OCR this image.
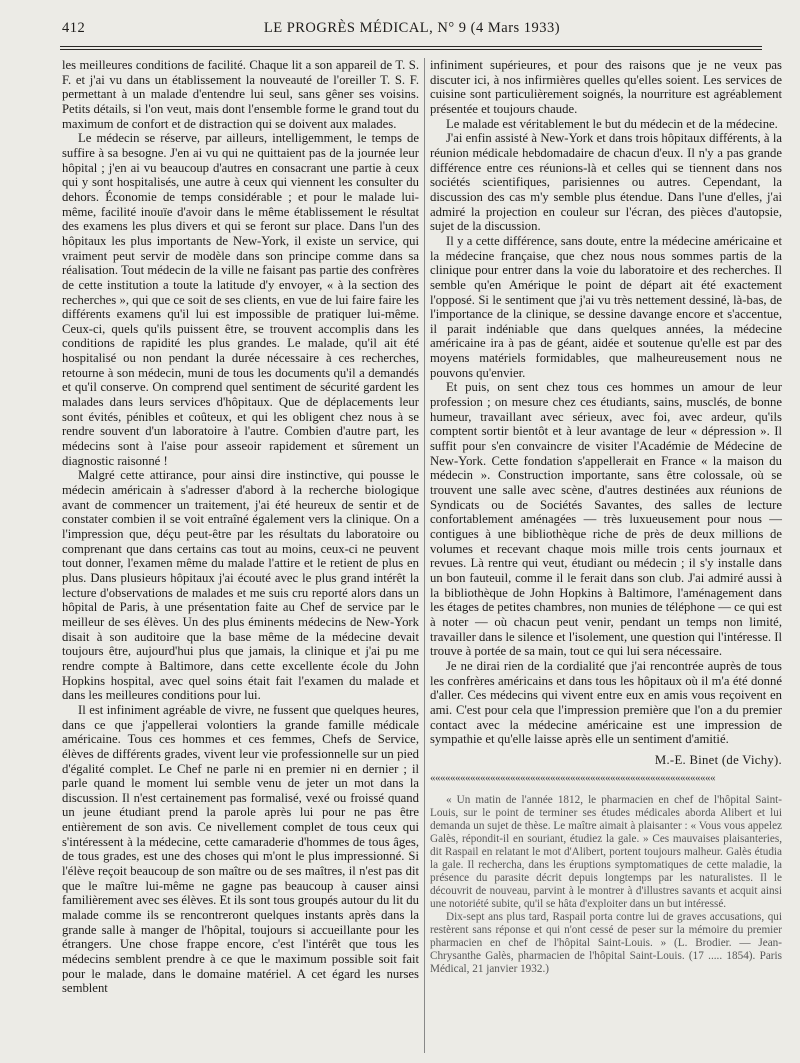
412	LE PROGRÈS MÉDICAL, N° 9 (4 Mars 1933)

les meilleures conditions de facilité. Chaque lit a son appareil de T. S. F. et j'ai vu dans un établissement la nouveauté de l'oreiller T. S. F. permettant à un malade d'entendre lui seul, sans gêner ses voisins. Petits détails, si l'on veut, mais dont l'ensemble forme le grand tout du maximum de confort et de distraction qui se doivent aux malades.

Le médecin se réserve, par ailleurs, intelligemment, le temps de suffire à sa besogne. J'en ai vu qui ne quittaient pas de la journée leur hôpital ; j'en ai vu beaucoup d'autres en consacrant une partie à ceux qui y sont hospitalisés, une autre à ceux qui viennent les consulter du dehors. Économie de temps considérable ; et pour le malade lui-même, facilité inouïe d'avoir dans le même établissement le résultat des examens les plus divers et qui se feront sur place. Dans l'un des hôpitaux les plus importants de New-York, il existe un service, qui vraiment peut servir de modèle dans son principe comme dans sa réalisation. Tout médecin de la ville ne faisant pas partie des confrères de cette institution a toute la latitude d'y envoyer, « à la section des recherches », qui que ce soit de ses clients, en vue de lui faire faire les différents examens qu'il lui est impossible de pratiquer lui-même. Ceux-ci, quels qu'ils puissent être, se trouvent accomplis dans les conditions de rapidité les plus grandes. Le malade, qu'il ait été hospitalisé ou non pendant la durée nécessaire à ces recherches, retourne à son médecin, muni de tous les documents qu'il a demandés et qu'il conserve. On comprend quel sentiment de sécurité gardent les malades dans leurs services d'hôpitaux. Que de déplacements leur sont évités, pénibles et coûteux, et qui les obligent chez nous à se rendre souvent d'un laboratoire à l'autre. Combien d'autre part, les médecins sont à l'aise pour asseoir rapidement et sûrement un diagnostic raisonné !

Malgré cette attirance, pour ainsi dire instinctive, qui pousse le médecin américain à s'adresser d'abord à la recherche biologique avant de commencer un traitement, j'ai été heureux de sentir et de constater combien il se voit entraîné également vers la clinique. On a l'impression que, déçu peut-être par les résultats du laboratoire ou comprenant que dans certains cas tout au moins, ceux-ci ne peuvent tout donner, l'examen même du malade l'attire et le retient de plus en plus. Dans plusieurs hôpitaux j'ai écouté avec le plus grand intérêt la lecture d'observations de malades et me suis cru reporté alors dans un hôpital de Paris, à une présentation faite au Chef de service par le meilleur de ses élèves. Un des plus éminents médecins de New-York disait à son auditoire que la base même de la médecine devait toujours être, aujourd'hui plus que jamais, la clinique et j'ai pu me rendre compte à Baltimore, dans cette excellente école du John Hopkins hospital, avec quel soins était fait l'examen du malade et dans les meilleures conditions pour lui.

Il est infiniment agréable de vivre, ne fussent que quelques heures, dans ce que j'appellerai volontiers la grande famille médicale américaine. Tous ces hommes et ces femmes, Chefs de Service, élèves de différents grades, vivent leur vie professionnelle sur un pied d'égalité complet. Le Chef ne parle ni en premier ni en dernier ; il parle quand le moment lui semble venu de jeter un mot dans la discussion. Il n'est certainement pas formalisé, vexé ou froissé quand un jeune étudiant prend la parole après lui pour ne pas être entièrement de son avis. Ce nivellement complet de tous ceux qui s'intéressent à la médecine, cette camaraderie d'hommes de tous âges, de tous grades, est une des choses qui m'ont le plus impressionné. Si l'élève reçoit beaucoup de son maître ou de ses maîtres, il n'est pas dit que le maître lui-même ne gagne pas beaucoup à causer ainsi familièrement avec ses élèves. Et ils sont tous groupés autour du lit du malade comme ils se rencontreront quelques instants après dans la grande salle à manger de l'hôpital, toujours si accueillante pour les étrangers. Une chose frappe encore, c'est l'intérêt que tous les médecins semblent prendre à ce que le maximum possible soit fait pour le malade, dans le domaine matériel. A cet égard les nurses semblent

infiniment supérieures, et pour des raisons que je ne veux pas discuter ici, à nos infirmières quelles qu'elles soient. Les services de cuisine sont particulièrement soignés, la nourriture est agréablement présentée et toujours chaude.

Le malade est véritablement le but du médecin et de la médecine.

J'ai enfin assisté à New-York et dans trois hôpitaux différents, à la réunion médicale hebdomadaire de chacun d'eux. Il n'y a pas grande différence entre ces réunions-là et celles qui se tiennent dans nos sociétés scientifiques, parisiennes ou autres. Cependant, la discussion des cas m'y semble plus étendue. Dans l'une d'elles, j'ai admiré la projection en couleur sur l'écran, des pièces d'autopsie, sujet de la discussion.

Il y a cette différence, sans doute, entre la médecine américaine et la médecine française, que chez nous nous sommes partis de la clinique pour entrer dans la voie du laboratoire et des recherches. Il semble qu'en Amérique le point de départ ait été exactement l'opposé. Si le sentiment que j'ai vu très nettement dessiné, là-bas, de l'importance de la clinique, se dessine davange encore et s'accentue, il parait indéniable que dans quelques années, la médecine américaine ira à pas de géant, aidée et soutenue qu'elle est par des moyens matériels formidables, que malheureusement nous ne pouvons qu'envier.

Et puis, on sent chez tous ces hommes un amour de leur profession ; on mesure chez ces étudiants, sains, musclés, de bonne humeur, travaillant avec sérieux, avec foi, avec ardeur, qu'ils comptent sortir bientôt et à leur avantage de leur « dépression ». Il suffit pour s'en convaincre de visiter l'Académie de Médecine de New-York. Cette fondation s'appellerait en France « la maison du médecin ». Construction importante, sans être colossale, où se trouvent une salle avec scène, d'autres destinées aux réunions de Syndicats ou de Sociétés Savantes, des salles de lecture confortablement aménagées — très luxueusement pour nous — contigues à une bibliothèque riche de près de deux millions de volumes et recevant chaque mois mille trois cents journaux et revues. Là rentre qui veut, étudiant ou médecin ; il s'y installe dans un bon fauteuil, comme il le ferait dans son club. J'ai admiré aussi à la bibliothèque de John Hopkins à Baltimore, l'aménagement dans les étages de petites chambres, non munies de téléphone — ce qui est à noter — où chacun peut venir, pendant un temps non limité, travailler dans le silence et l'isolement, une question qui l'intéresse. Il trouve à portée de sa main, tout ce qui lui sera nécessaire.

Je ne dirai rien de la cordialité que j'ai rencontrée auprès de tous les confrères américains et dans tous les hôpitaux où il m'a été donné d'aller. Ces médecins qui vivent entre eux en amis vous reçoivent en ami. C'est pour cela que l'impression première que l'on a du premier contact avec la médecine américaine est une impression de sympathie et qu'elle laisse après elle un sentiment d'amitié.

M.-E. Binet (de Vichy).
«««««««««««««««««««««««««««««««««««««««««««««««««««««««««

« Un matin de l'année 1812, le pharmacien en chef de l'hôpital Saint-Louis, sur le point de terminer ses études médicales aborda Alibert et lui demanda un sujet de thèse. Le maître aimait à plaisanter : « Vous vous appelez Galès, répondit-il en souriant, étudiez la gale. » Ces mauvaises plaisanteries, dit Raspail en relatant le mot d'Alibert, portent toujours malheur. Galès étudia la gale. Il rechercha, dans les éruptions symptomatiques de cette maladie, la présence du parasite décrit depuis longtemps par les naturalistes. Il le découvrit de nouveau, parvint à le montrer à d'illustres savants et acquit ainsi une notoriété subite, qu'il se hâta d'exploiter dans un but intéressé.

Dix-sept ans plus tard, Raspail porta contre lui de graves accusations, qui restèrent sans réponse et qui n'ont cessé de peser sur la mémoire du premier pharmacien en chef de l'hôpital Saint-Louis. » (L. Brodier. — Jean-Chrysanthe Galès, pharmacien de l'hôpital Saint-Louis. (17 ..... 1854). Paris Médical, 21 janvier 1932.)
